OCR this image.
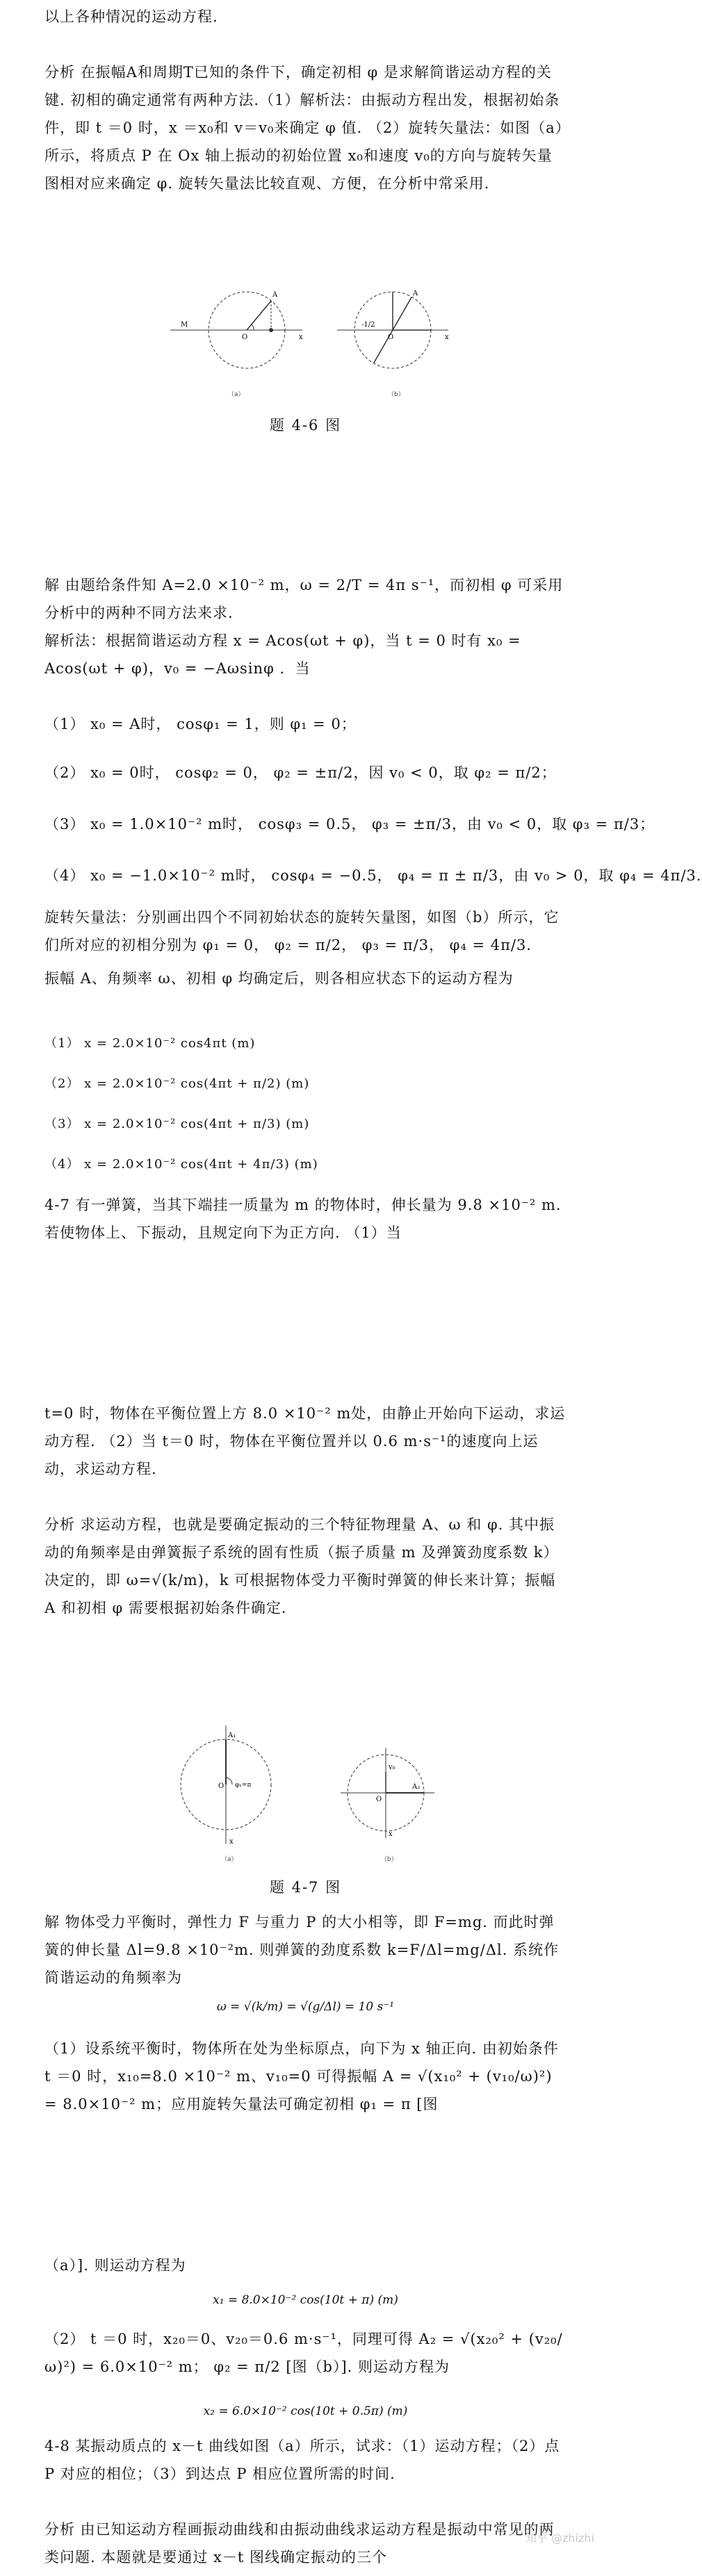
以上各种情况的运动方程.

分析 在振幅A和周期T已知的条件下，确定初相 φ 是求解简谐运动方程的关键. 初相的确定通常有两种方法.（1）解析法：由振动方程出发，根据初始条件，即 t ＝0 时，x ＝x₀和 v＝v₀来确定 φ 值. （2）旋转矢量法：如图（a）所示，将质点 P 在 Ox 轴上振动的初始位置 x₀和速度 v₀的方向与旋转矢量图相对应来确定 φ. 旋转矢量法比较直观、方便，在分析中常采用.

M
O
A
x
（a）
-1/2
O
A
x
（b）
题 4-6 图

解 由题给条件知 A=2.0 ×10⁻² m，ω = 2/T = 4π s⁻¹，而初相 φ 可采用分析中的两种不同方法来求.

解析法：根据简谐运动方程 x = Acos(ωt + φ)，当 t = 0 时有 x₀ = Acos(ωt + φ)，v₀ = −Aωsinφ ．当

（1） x₀ = A时， cosφ₁ = 1，则 φ₁ = 0；
（2） x₀ = 0时， cosφ₂ = 0， φ₂ = ±π/2，因 v₀ < 0，取 φ₂ = π/2；
（3） x₀ = 1.0×10⁻² m时， cosφ₃ = 0.5， φ₃ = ±π/3，由 v₀ < 0，取 φ₃ = π/3；
（4） x₀ = −1.0×10⁻² m时， cosφ₄ = −0.5， φ₄ = π ± π/3，由 v₀ > 0，取 φ₄ = 4π/3.

旋转矢量法：分别画出四个不同初始状态的旋转矢量图，如图（b）所示，它们所对应的初相分别为 φ₁ = 0， φ₂ = π/2， φ₃ = π/3， φ₄ = 4π/3.

振幅 A、角频率 ω、初相 φ 均确定后，则各相应状态下的运动方程为

（1） x = 2.0×10⁻² cos4πt (m)
（2） x = 2.0×10⁻² cos(4πt + π/2) (m)
（3） x = 2.0×10⁻² cos(4πt + π/3) (m)
（4） x = 2.0×10⁻² cos(4πt + 4π/3) (m)

4-7 有一弹簧，当其下端挂一质量为 m 的物体时，伸长量为 9.8 ×10⁻² m. 若使物体上、下振动，且规定向下为正方向. （1）当

t=0 时，物体在平衡位置上方 8.0 ×10⁻² m处，由静止开始向下运动，求运动方程. （2）当 t＝0 时，物体在平衡位置并以 0.6 m·s⁻¹的速度向上运动，求运动方程.

分析 求运动方程，也就是要确定振动的三个特征物理量 A、ω 和 φ. 其中振动的角频率是由弹簧振子系统的固有性质（振子质量 m 及弹簧劲度系数 k）决定的，即 ω=√(k/m)，k 可根据物体受力平衡时弹簧的伸长来计算；振幅 A 和初相 φ 需要根据初始条件确定.

A₁
O φ₁=π
x
（a）
v₀
A₂
O
x
（b）
题 4-7 图

解 物体受力平衡时，弹性力 F 与重力 P 的大小相等，即 F=mg. 而此时弹簧的伸长量 Δl=9.8 ×10⁻²m. 则弹簧的劲度系数 k=F/Δl=mg/Δl. 系统作简谐运动的角频率为

ω = √(k/m) = √(g/Δl) = 10 s⁻¹

（1）设系统平衡时，物体所在处为坐标原点，向下为 x 轴正向. 由初始条件 t ＝0 时，x₁₀=8.0 ×10⁻² m、v₁₀=0 可得振幅 A = √(x₁₀² + (v₁₀/ω)²) = 8.0×10⁻² m；应用旋转矢量法可确定初相 φ₁ = π [图

（a）]. 则运动方程为

x₁ = 8.0×10⁻² cos(10t + π) (m)

（2） t ＝0 时，x₂₀＝0、v₂₀＝0.6 m·s⁻¹，同理可得 A₂ = √(x₂₀² + (v₂₀/ω)²) = 6.0×10⁻² m； φ₂ = π/2 [图（b）]. 则运动方程为

x₂ = 6.0×10⁻² cos(10t + 0.5π) (m)

4-8 某振动质点的 x－t 曲线如图（a）所示，试求：（1）运动方程；（2）点 P 对应的相位；（3）到达点 P 相应位置所需的时间.

分析 由已知运动方程画振动曲线和由振动曲线求运动方程是振动中常见的两类问题. 本题就是要通过 x－t 图线确定振动的三个

知乎 @zhizhi
